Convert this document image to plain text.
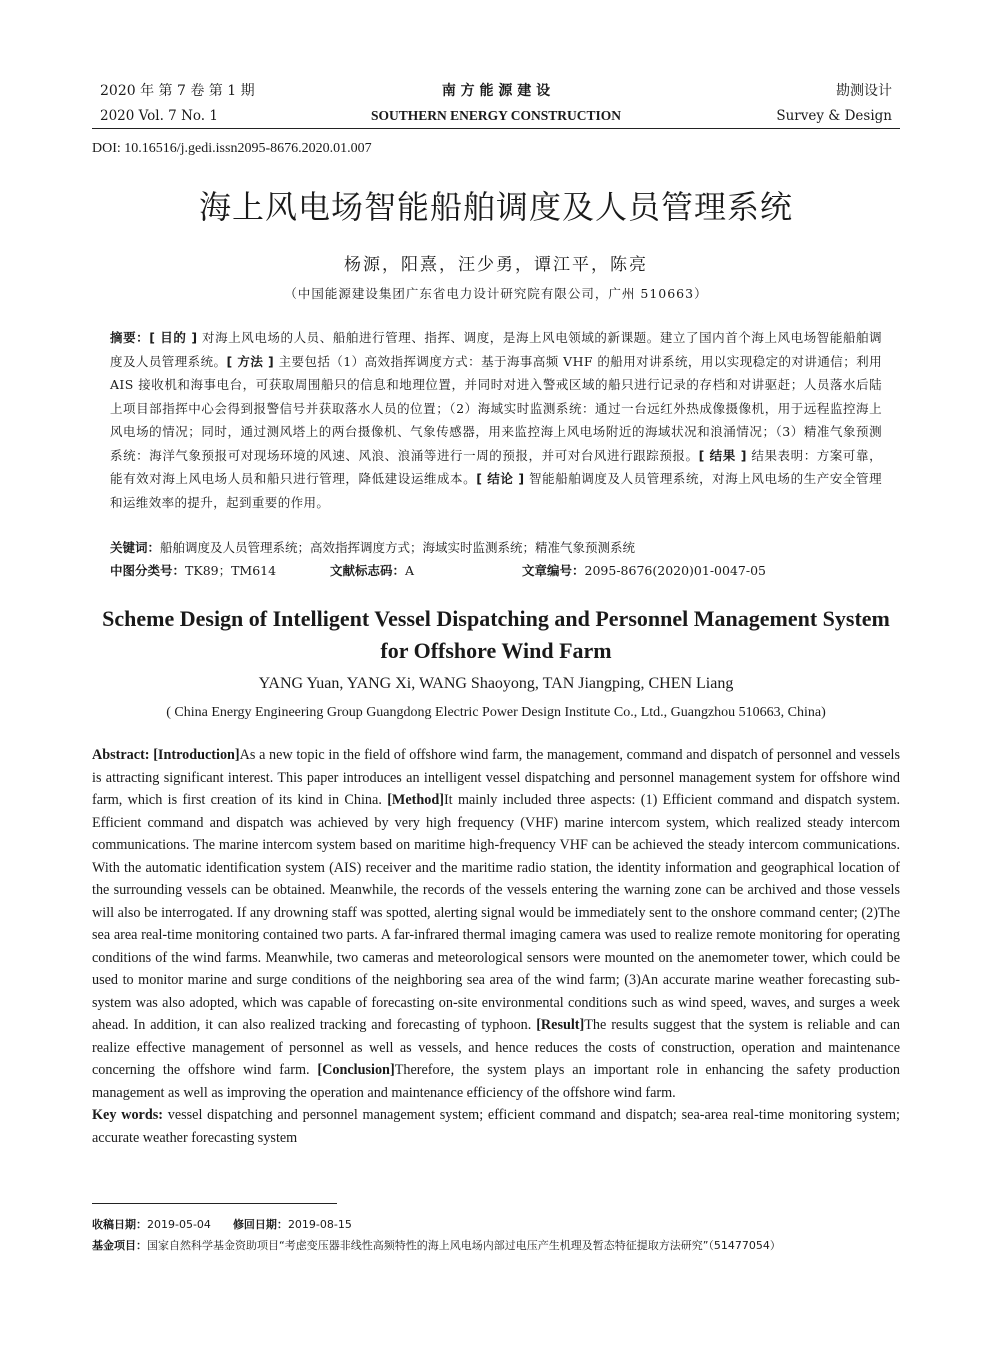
2020 年 第 7 卷 第 1 期	南 方 能 源 建 设	勘测设计
2020 Vol. 7 No. 1	SOUTHERN ENERGY CONSTRUCTION	Survey & Design
DOI: 10.16516/j.gedi.issn2095-8676.2020.01.007
海上风电场智能船舶调度及人员管理系统
杨源，阳熹，汪少勇，谭江平，陈亮
（中国能源建设集团广东省电力设计研究院有限公司，广州 510663）
摘要：[ 目的 ] 对海上风电场的人员、船舶进行管理、指挥、调度，是海上风电领域的新课题。建立了国内首个海上风电场智能船舶调度及人员管理系统。[ 方法 ] 主要包括（1）高效指挥调度方式：基于海事高频 VHF 的船用对讲系统，用以实现稳定的对讲通信；利用 AIS 接收机和海事电台，可获取周围船只的信息和地理位置，并同时对进入警戒区域的船只进行记录的存档和对讲驱赶；人员落水后陆上项目部指挥中心会得到报警信号并获取落水人员的位置；（2）海域实时监测系统：通过一台远红外热成像摄像机，用于远程监控海上风电场的情况；同时，通过测风塔上的两台摄像机、气象传感器，用来监控海上风电场附近的海域状况和浪涌情况；（3）精准气象预测系统：海洋气象预报可对现场环境的风速、风浪、浪涌等进行一周的预报，并可对台风进行跟踪预报。[ 结果 ] 结果表明：方案可靠，能有效对海上风电场人员和船只进行管理，降低建设运维成本。[ 结论 ] 智能船舶调度及人员管理系统，对海上风电场的生产安全管理和运维效率的提升，起到重要的作用。
关键词：船舶调度及人员管理系统；高效指挥调度方式；海域实时监测系统；精准气象预测系统
中图分类号：TK89；TM614	文献标志码：A	文章编号：2095-8676(2020)01-0047-05
Scheme Design of Intelligent Vessel Dispatching and Personnel Management System for Offshore Wind Farm
YANG Yuan, YANG Xi, WANG Shaoyong, TAN Jiangping, CHEN Liang
( China Energy Engineering Group Guangdong Electric Power Design Institute Co., Ltd., Guangzhou 510663, China)
Abstract: [Introduction]As a new topic in the field of offshore wind farm, the management, command and dispatch of personnel and vessels is attracting significant interest. This paper introduces an intelligent vessel dispatching and personnel management system for offshore wind farm, which is first creation of its kind in China. [Method]It mainly included three aspects: (1) Efficient command and dispatch system. Efficient command and dispatch was achieved by very high frequency (VHF) marine intercom system, which realized steady intercom communications. The marine intercom system based on maritime high-frequency VHF can be achieved the steady intercom communications. With the automatic identification system (AIS) receiver and the maritime radio station, the identity information and geographical location of the surrounding vessels can be obtained. Meanwhile, the records of the vessels entering the warning zone can be archived and those vessels will also be interrogated. If any drowning staff was spotted, alerting signal would be immediately sent to the onshore command center; (2)The sea area real-time monitoring contained two parts. A far-infrared thermal imaging camera was used to realize remote monitoring for operating conditions of the wind farms. Meanwhile, two cameras and meteorological sensors were mounted on the anemometer tower, which could be used to monitor marine and surge conditions of the neighboring sea area of the wind farm; (3)An accurate marine weather forecasting sub-system was also adopted, which was capable of forecasting on-site environmental conditions such as wind speed, waves, and surges a week ahead. In addition, it can also realized tracking and forecasting of typhoon. [Result]The results suggest that the system is reliable and can realize effective management of personnel as well as vessels, and hence reduces the costs of construction, operation and maintenance concerning the offshore wind farm. [Conclusion]Therefore, the system plays an important role in enhancing the safety production management as well as improving the operation and maintenance efficiency of the offshore wind farm.
Key words: vessel dispatching and personnel management system; efficient command and dispatch; sea-area real-time monitoring system; accurate weather forecasting system
收稿日期：2019-05-04 修回日期：2019-08-15
基金项目：国家自然科学基金资助项目“考虑变压器非线性高频特性的海上风电场内部过电压产生机理及暂态特征提取方法研究”（51477054）
